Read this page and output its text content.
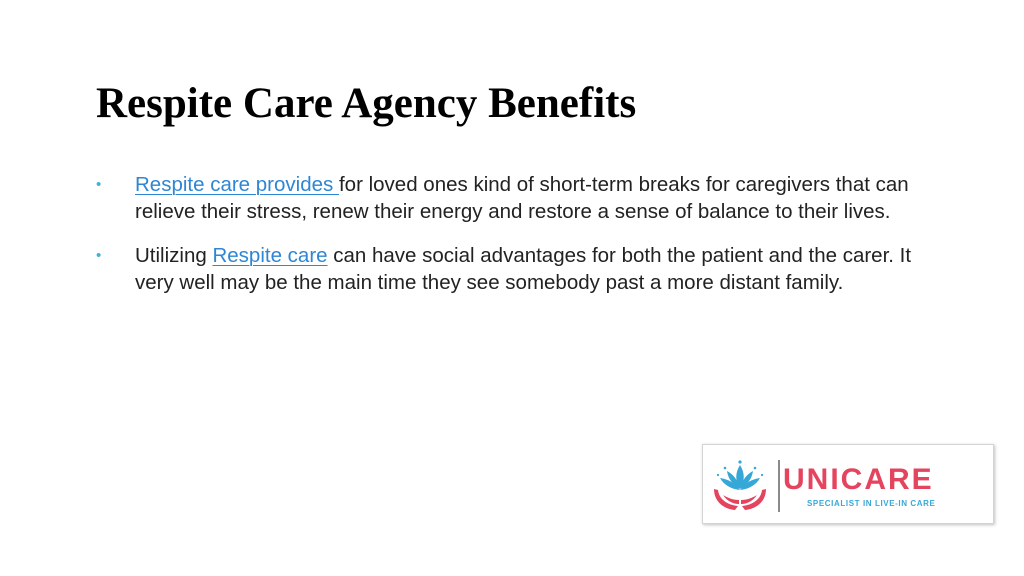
Respite Care Agency Benefits
• Respite care provides for loved ones kind of short-term breaks for caregivers that can relieve their stress, renew their energy and restore a sense of balance to their lives.
• Utilizing Respite care can have social advantages for both the patient and the carer. It very well may be the main time they see somebody past a more distant family.
UNICARE
SPECIALIST IN LIVE-IN CARE
